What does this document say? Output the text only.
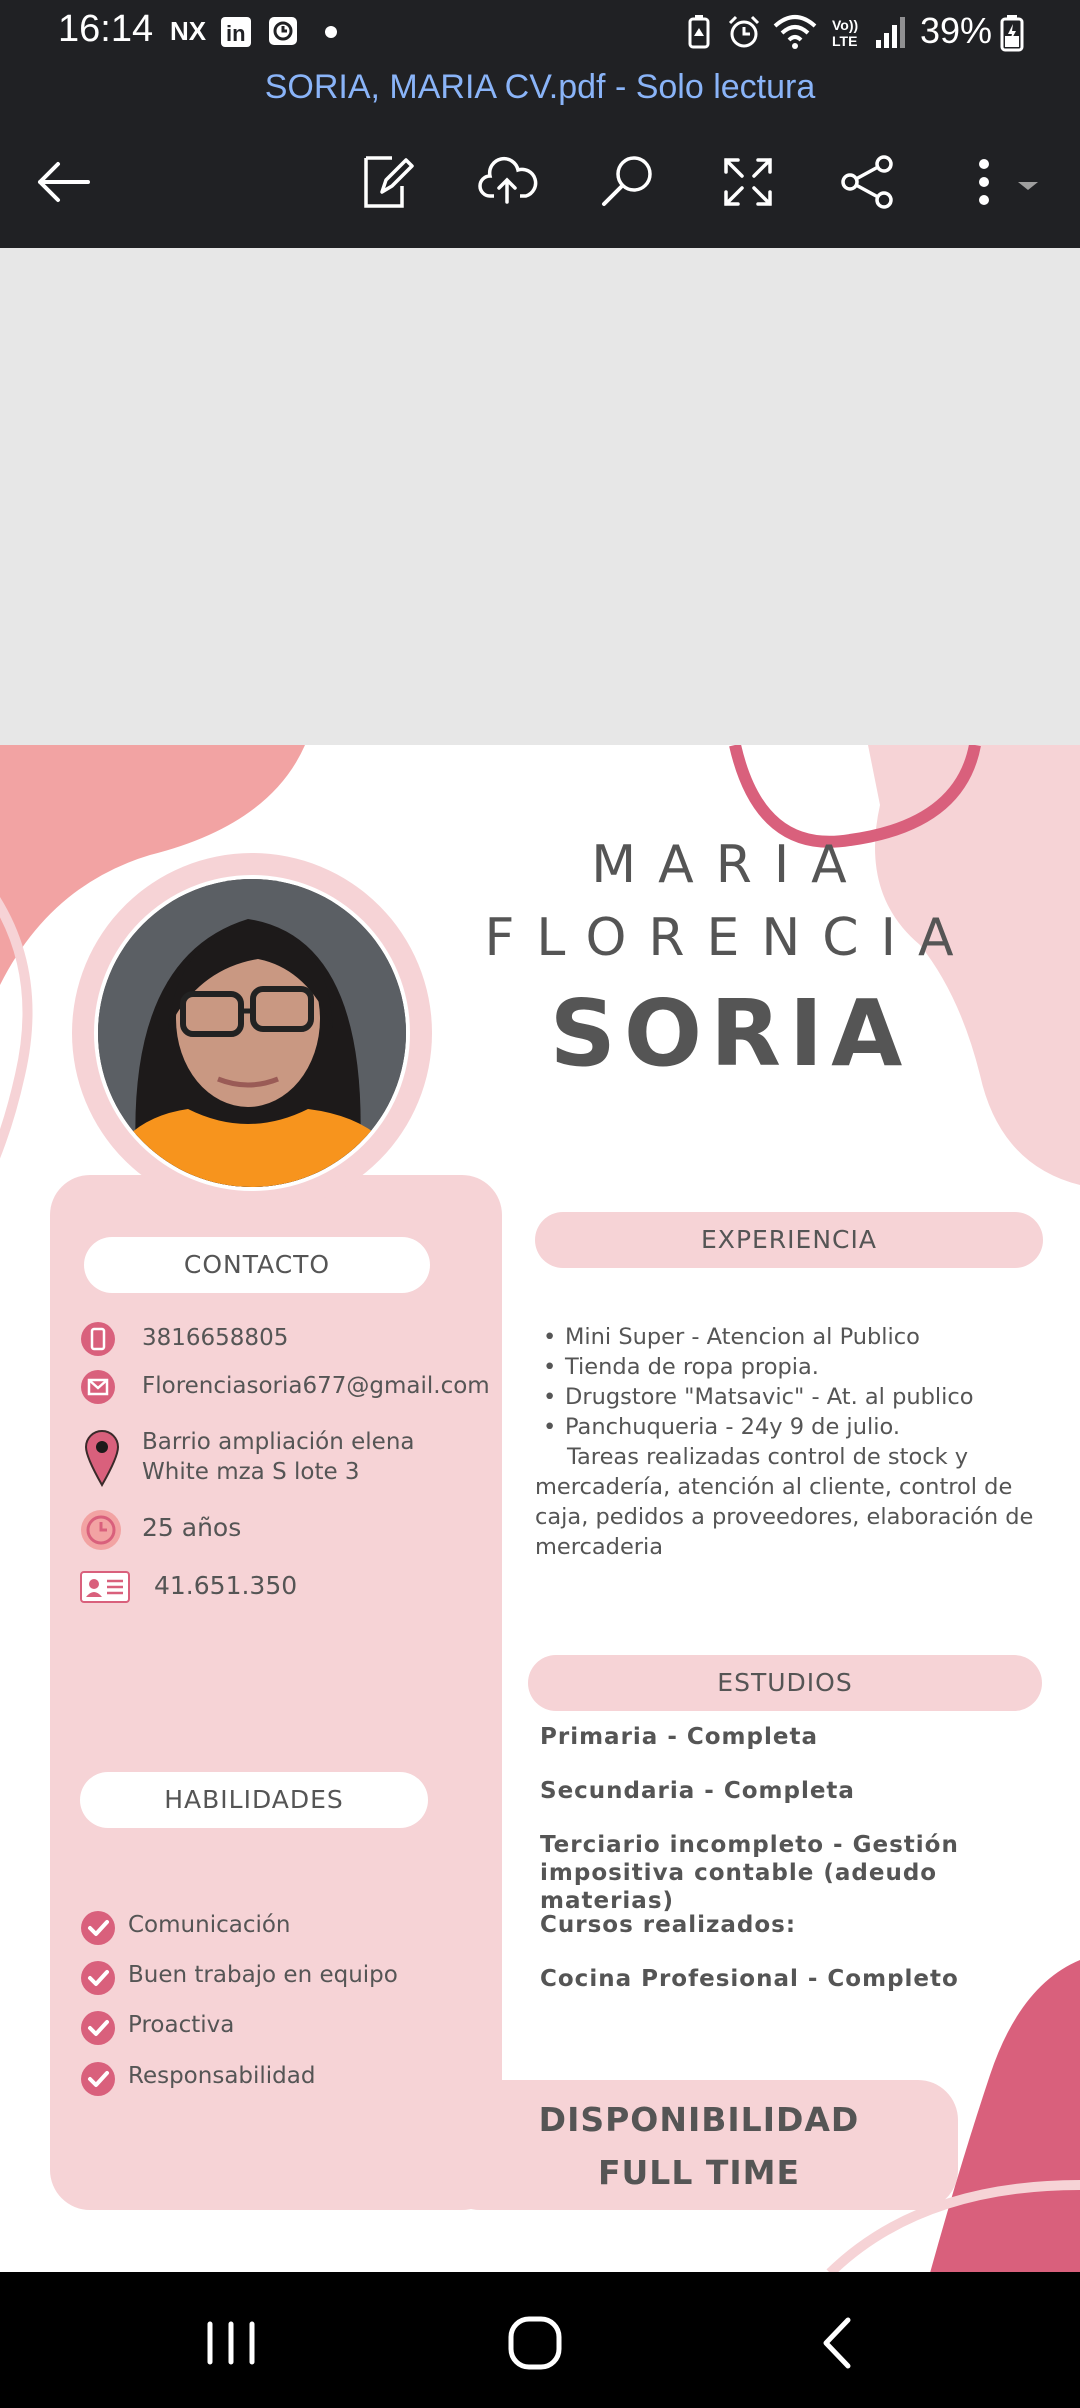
16:14 NX in	Vo))
LTE 39%
SORIA, MARIA CV.pdf - Solo lectura
MARIA
FLORENCIA
SORIA
CONTACTO
3816658805
Florenciasoria677@gmail.com
Barrio ampliación elena
White mza S lote 3
25 años
41.651.350
HABILIDADES
Comunicación
Buen trabajo en equipo
Proactiva
Responsabilidad
EXPERIENCIA
• Mini Super - Atencion al Publico
• Tienda de ropa propia.
• Drugstore "Matsavic" - At. al publico
• Panchuqueria - 24y 9 de julio.
Tareas realizadas control de stock y mercadería, atención al cliente, control de caja, pedidos a proveedores, elaboración de mercaderia
ESTUDIOS
Primaria - Completa
Secundaria - Completa
Terciario incompleto - Gestión impositiva contable (adeudo materias)
Cursos realizados:
Cocina Profesional - Completo
DISPONIBILIDAD
FULL TIME
